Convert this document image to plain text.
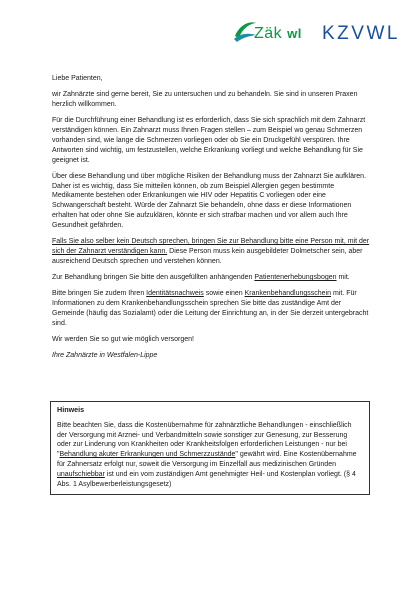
Zäk wl KZVWL

Liebe Patienten,

wir Zahnärzte sind gerne bereit, Sie zu untersuchen und zu behandeln. Sie sind in unseren Praxen herzlich willkommen.

Für die Durchführung einer Behandlung ist es erforderlich, dass Sie sich sprachlich mit dem Zahnarzt verständigen können. Ein Zahnarzt muss Ihnen Fragen stellen – zum Beispiel wo genau Schmerzen vorhanden sind, wie lange die Schmerzen vorliegen oder ob Sie ein Druckgefühl verspüren. Ihre Antworten sind wichtig, um festzustellen, welche Erkrankung vorliegt und welche Behandlung für Sie geeignet ist.

Über diese Behandlung und über mögliche Risiken der Behandlung muss der Zahnarzt Sie aufklären. Daher ist es wichtig, dass Sie mitteilen können, ob zum Beispiel Allergien gegen bestimmte Medikamente bestehen oder Erkrankungen wie HIV oder Hepatitis C vorliegen oder eine Schwangerschaft besteht. Würde der Zahnarzt Sie behandeln, ohne dass er diese Informationen erhalten hat oder ohne Sie aufzuklären, könnte er sich strafbar machen und vor allem auch Ihre Gesundheit gefährden.

Falls Sie also selber kein Deutsch sprechen, bringen Sie zur Behandlung bitte eine Person mit, mit der sich der Zahnarzt verständigen kann. Diese Person muss kein ausgebildeter Dolmetscher sein, aber ausreichend Deutsch sprechen und verstehen können.

Zur Behandlung bringen Sie bitte den ausgefüllten anhängenden Patientenerhebungsbogen mit.

Bitte bringen Sie zudem Ihren Identitätsnachweis sowie einen Krankenbehandlungsschein mit. Für Informationen zu dem Krankenbehandlungsschein sprechen Sie bitte das zuständige Amt der Gemeinde (häufig das Sozialamt) oder die Leitung der Einrichtung an, in der Sie derzeit untergebracht sind.

Wir werden Sie so gut wie möglich versorgen!

Ihre Zahnärzte in Westfalen-Lippe

Hinweis

Bitte beachten Sie, dass die Kostenübernahme für zahnärztliche Behandlungen - einschließlich der Versorgung mit Arznei- und Verbandmitteln sowie sonstiger zur Genesung, zur Besserung oder zur Linderung von Krankheiten oder Krankheitsfolgen erforderlichen Leistungen - nur bei "Behandlung akuter Erkrankungen und Schmerzzustände" gewährt wird. Eine Kostenübernahme für Zahnersatz erfolgt nur, soweit die Versorgung im Einzelfall aus medizinischen Gründen unaufschiebbar ist und ein vom zuständigen Amt genehmigter Heil- und Kostenplan vorliegt. (§ 4 Abs. 1 Asylbewerberleistungsgesetz)
